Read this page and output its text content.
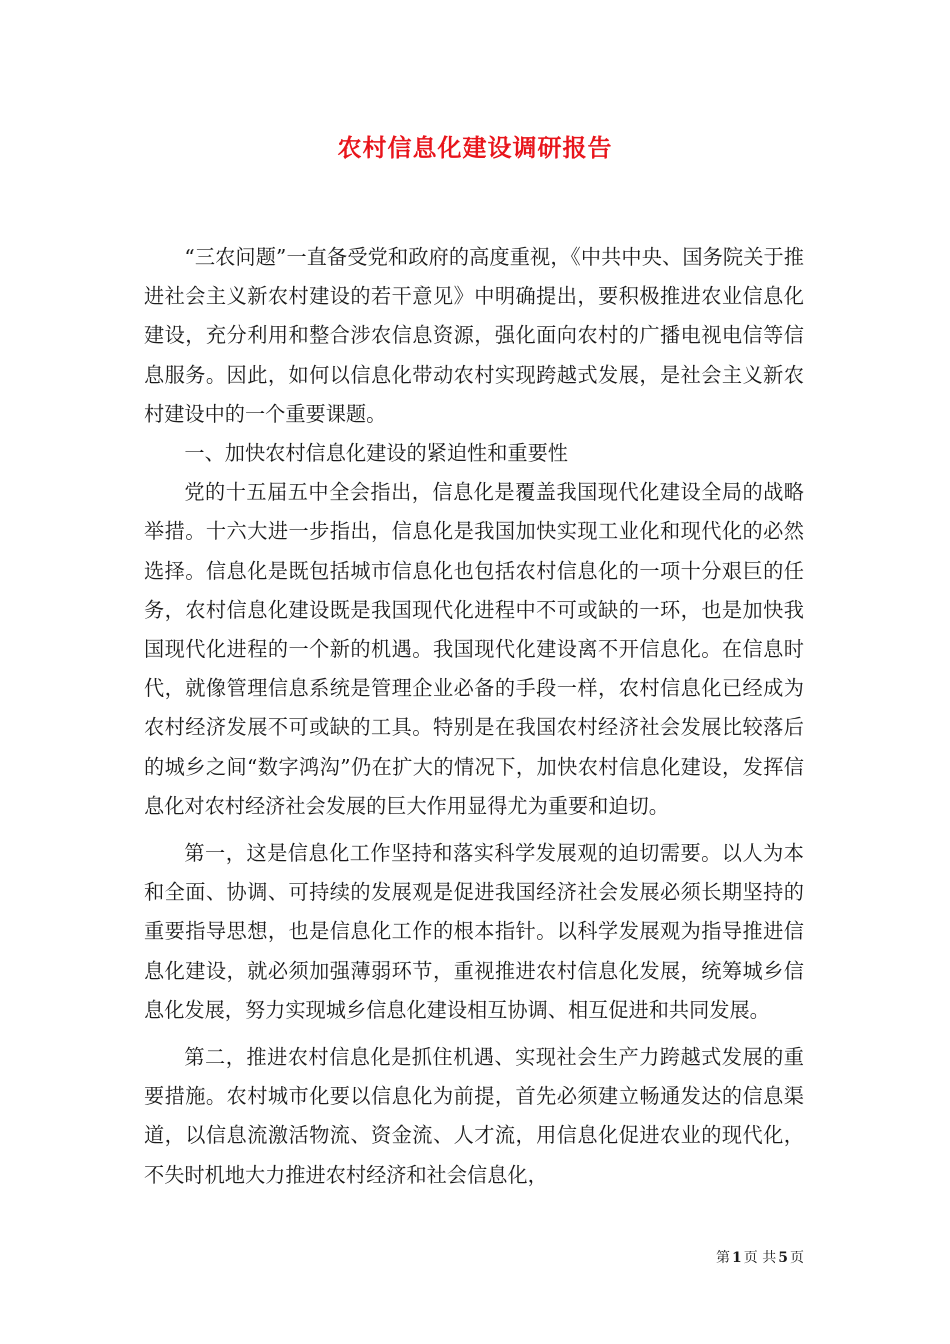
农村信息化建设调研报告

“三农问题”一直备受党和政府的高度重视，《中共中央、国务院关于推进社会主义新农村建设的若干意见》中明确提出，要积极推进农业信息化建设，充分利用和整合涉农信息资源，强化面向农村的广播电视电信等信息服务。因此，如何以信息化带动农村实现跨越式发展，是社会主义新农村建设中的一个重要课题。

一、加快农村信息化建设的紧迫性和重要性

党的十五届五中全会指出，信息化是覆盖我国现代化建设全局的战略举措。十六大进一步指出，信息化是我国加快实现工业化和现代化的必然选择。信息化是既包括城市信息化也包括农村信息化的一项十分艰巨的任务，农村信息化建设既是我国现代化进程中不可或缺的一环，也是加快我国现代化进程的一个新的机遇。我国现代化建设离不开信息化。在信息时代，就像管理信息系统是管理企业必备的手段一样，农村信息化已经成为农村经济发展不可或缺的工具。特别是在我国农村经济社会发展比较落后的城乡之间“数字鸿沟”仍在扩大的情况下，加快农村信息化建设，发挥信息化对农村经济社会发展的巨大作用显得尤为重要和迫切。

第一，这是信息化工作坚持和落实科学发展观的迫切需要。以人为本和全面、协调、可持续的发展观是促进我国经济社会发展必须长期坚持的重要指导思想，也是信息化工作的根本指针。以科学发展观为指导推进信息化建设，就必须加强薄弱环节，重视推进农村信息化发展，统筹城乡信息化发展，努力实现城乡信息化建设相互协调、相互促进和共同发展。

第二，推进农村信息化是抓住机遇、实现社会生产力跨越式发展的重要措施。农村城市化要以信息化为前提，首先必须建立畅通发达的信息渠道，以信息流激活物流、资金流、人才流，用信息化促进农业的现代化，不失时机地大力推进农村经济和社会信息化，

第 1 页 共 5 页
